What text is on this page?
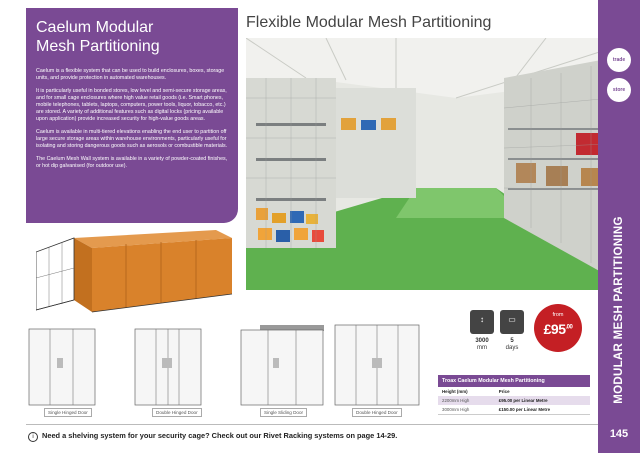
Caelum Modular
Mesh Partitioning

Caelum is a flexible system that can be used to build enclosures, boxes, storage units, and provide protection in automated warehouses.

It is particularly useful in bonded stores, low level and semi-secure storage areas, and for small cage enclosures where high value retail goods (i.e. Smart phones, mobile telephones, tablets, laptops, computers, power tools, liquor, tobacco, etc.) are stored. A variety of additional features such as digital locks (pricing available upon application) provide increased security for high-value goods areas.

Caelum is available in multi-tiered elevations enabling the end user to partition off large secure storage areas within warehouse environments, particularly useful for isolating and storing dangerous goods such as aerosols or combustible materials.

The Caelum Mesh Wall system is available in a variety of powder-coated finishes, or hot dip galvanised (for outdoor use).

Flexible Modular Mesh Partitioning
trade
store
MODULAR MESH PARTITIONING
145
Single Hinged Door	Double Hinged Door	Single Sliding Door	Double Hinged Door
↕
Height
▭
Delivery
3000
mm
5
days
from
$£95^{.00}$
Troax Caelum Modular Mesh Partitioning
Height (mm)	Price
2200mm High	£95.00 per Linear Metre
3000mm High	£150.00 per Linear Metre
i Need a shelving system for your security cage? Check out our Rivet Racking systems on page 14-29.
